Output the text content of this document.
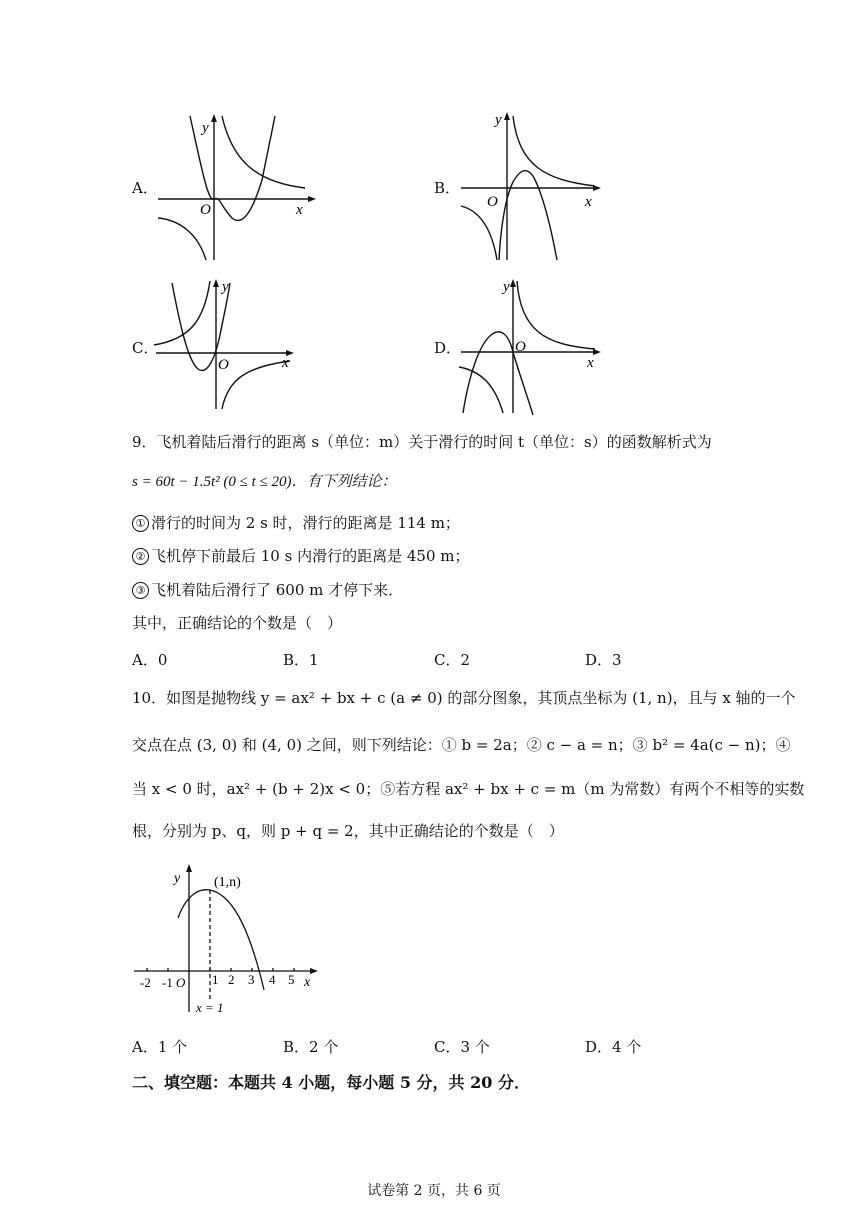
A．
y
O	x
B．
y
O	x
C．
y
O	x
D．
y
O
x
9．飞机着陆后滑行的距离 s（单位：m）关于滑行的时间 t（单位：s）的函数解析式为
s = 60t − 1.5t² (0 ≤ t ≤ 20)．有下列结论：
① 滑行的时间为 2 s 时，滑行的距离是 114 m；
② 飞机停下前最后 10 s 内滑行的距离是 450 m；
③ 飞机着陆后滑行了 600 m 才停下来．
其中，正确结论的个数是（　）
A．0	B．1	C．2	D．3
10．如图是抛物线 y = ax² + bx + c (a ≠ 0) 的部分图象，其顶点坐标为 (1, n)，且与 x 轴的一个
交点在点 (3, 0) 和 (4, 0) 之间，则下列结论：① b = 2a；② c − a = n；③ b² = 4a(c − n)；④
当 x < 0 时，ax² + (b + 2)x < 0；⑤若方程 ax² + bx + c = m（m 为常数）有两个不相等的实数
根，分别为 p、q，则 p + q = 2，其中正确结论的个数是（　）
y (1,n)
-2 -1 O 1 2 3 4 5 x
x = 1
A．1 个	B．2 个	C．3 个	D．4 个
二、填空题：本题共 4 小题，每小题 5 分，共 20 分．
试卷第 2 页，共 6 页
